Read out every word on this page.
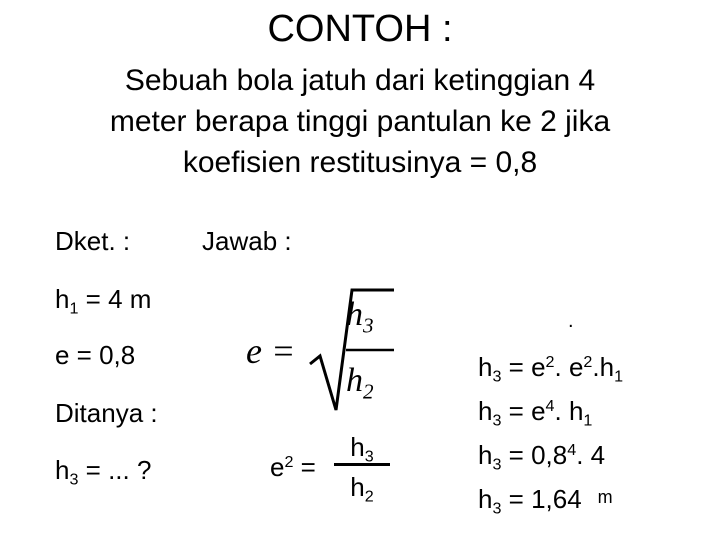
CONTOH :
Sebuah bola jatuh dari ketinggian 4
meter berapa tinggi pantulan ke 2 jika
koefisien restitusinya = 0,8
Dket. :
$h_1 = 4$ m
e = 0,8
Ditanya :
$h_3$ = ... ?
Jawab :
e =
$h_3$
$h_2$
$e^2$ =
$h_3$
$h_2$
.
$h_3 = e^2$. $e^2.h_1$
$h_3 = e^4$. $h_1$
$h_3 = 0,8^4$. 4
$h_3 = 1,64$ $^m$
